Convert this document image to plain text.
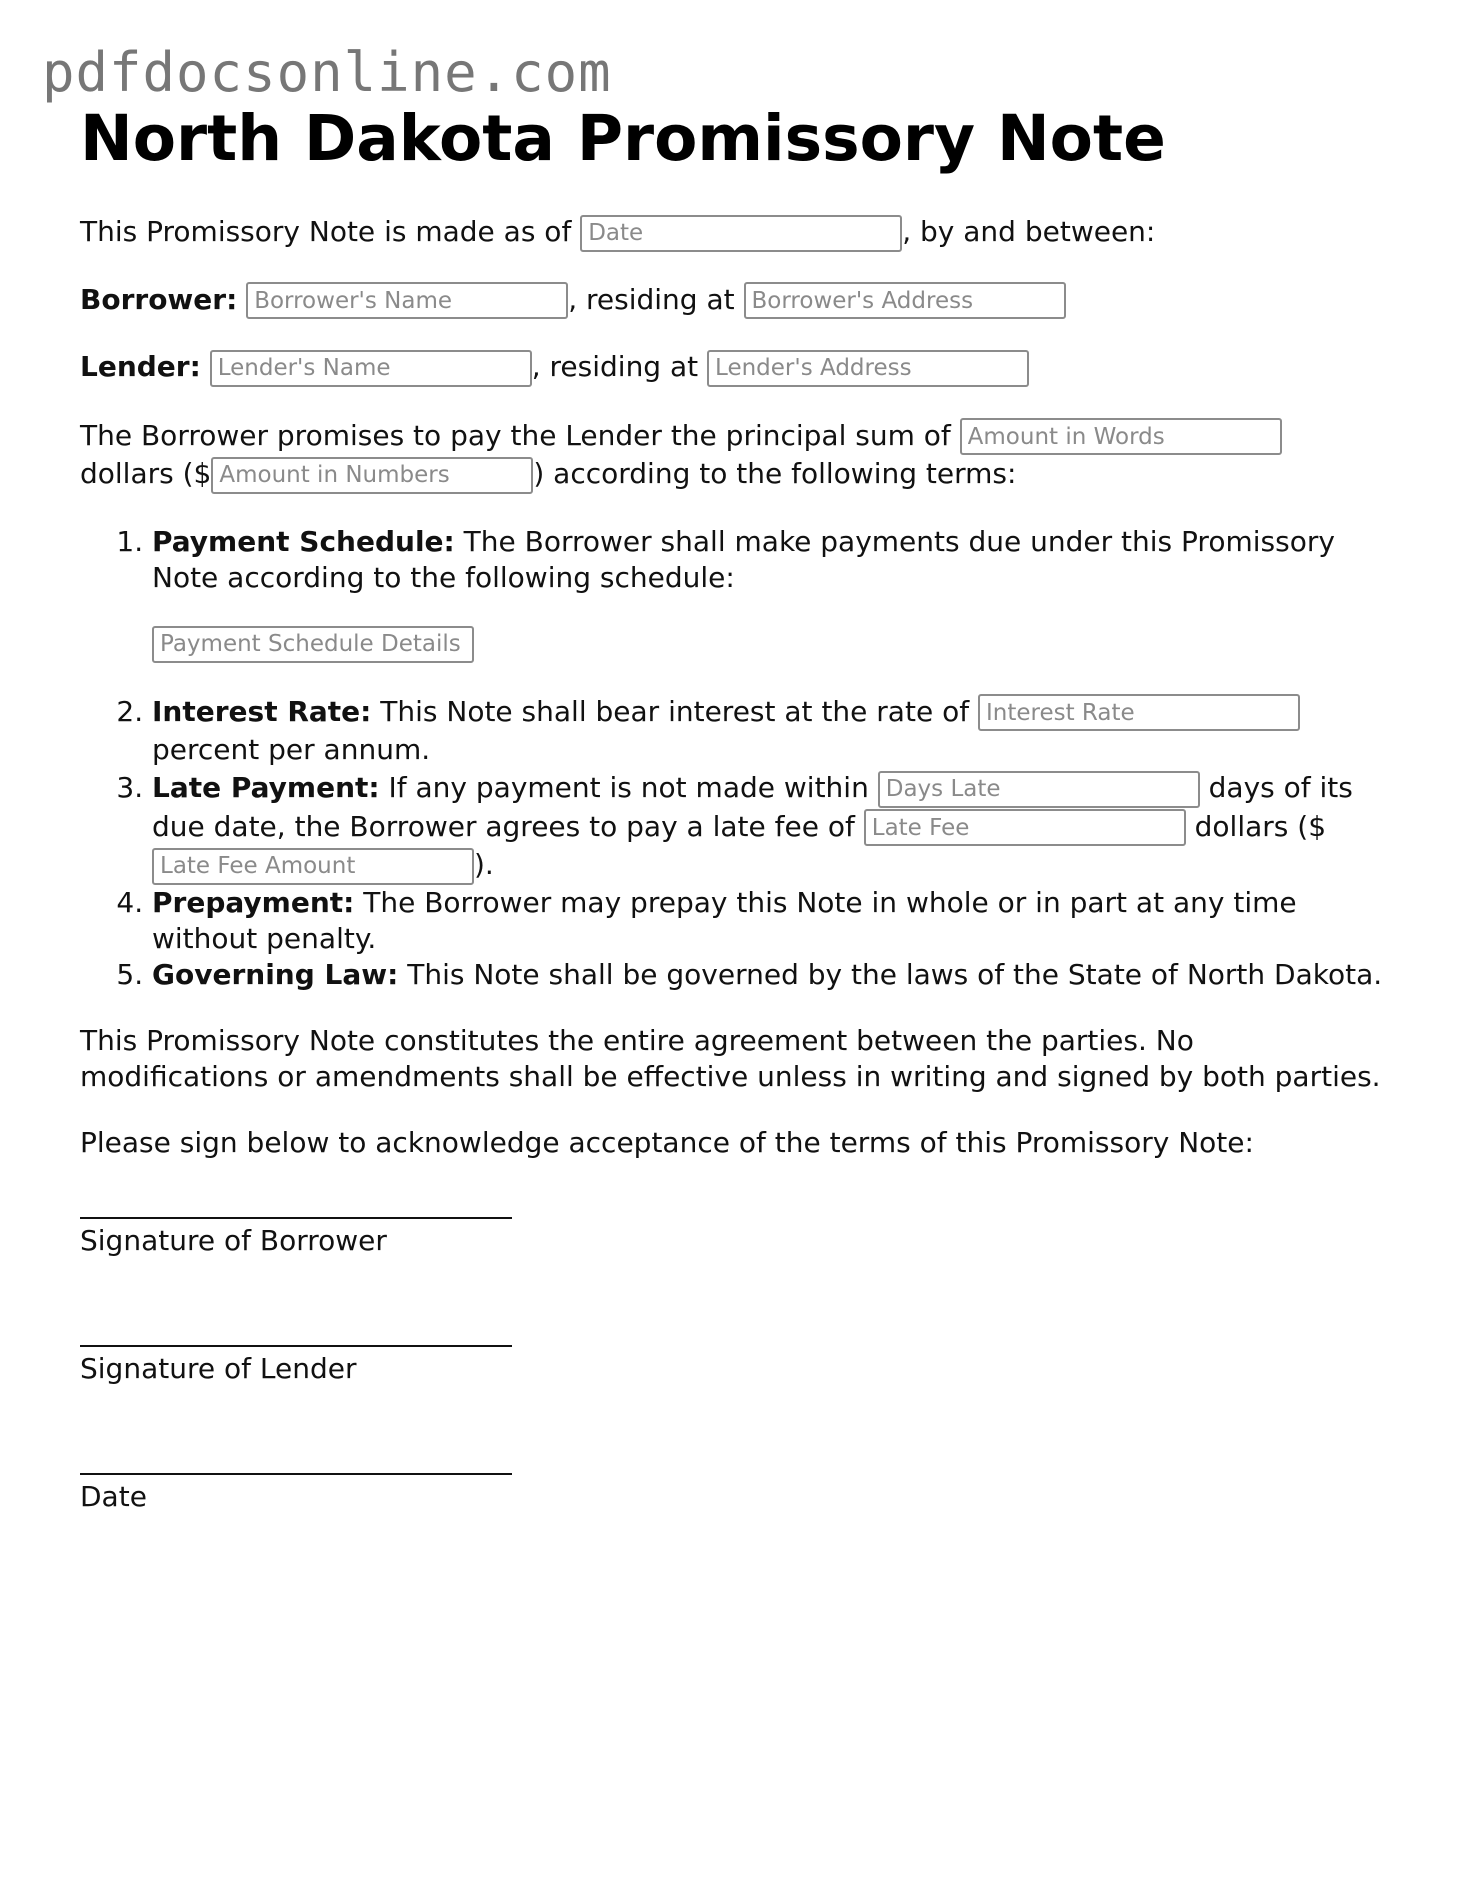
pdfdocsonline.com
North Dakota Promissory Note

This Promissory Note is made as of Date	, by and between:

Borrower: Borrower's Name	, residing at Borrower's Address

Lender: Lender's Name	, residing at Lender's Address

The Borrower promises to pay the Lender the principal sum of Amount in Words
dollars ($Amount in Numbers	) according to the following terms:

1. Payment Schedule: The Borrower shall make payments due under this Promissory Note according to the following schedule:
Payment Schedule Details
2. Interest Rate: This Note shall bear interest at the rate of Interest Rate
percent per annum.
3. Late Payment: If any payment is not made within Days Late	days of its due date, the Borrower agrees to pay a late fee of Late Fee	dollars ($ Late Fee Amount).
4. Prepayment: The Borrower may prepay this Note in whole or in part at any time without penalty.
5. Governing Law: This Note shall be governed by the laws of the State of North Dakota.

This Promissory Note constitutes the entire agreement between the parties. No modifications or amendments shall be effective unless in writing and signed by both parties.

Please sign below to acknowledge acceptance of the terms of this Promissory Note:

Signature of Borrower
Signature of Lender
Date
